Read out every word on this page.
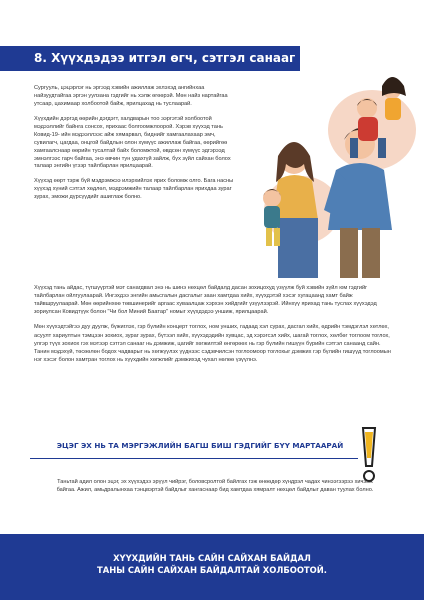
8. Хүүхдэдээ итгэл өгч, сэтгэл санааг нь хуваалцах

Сургууль, цэцэрлэг нь эргээд хэвийн ажиллаж эхлэхэд ангийнхаа найзуудтайгаа эргэн уулзана гэдгийг нь хэлж өгөөрэй. Мөн найз нартайгаа утсаар, цахимаар холбоотой байж, ярилцахад нь туслаарай.

Хүүхдийн дэргэд өөрийн дэгдэгт, халдварын тоо ээргэтэй холбоотой мэдээллийг байнга сонсох, ярихаас болгоомжлоорой. Хэрэв хүүхэд тань Ковид-19- ийн мэдээллээс айж хямарвал, биднийг хамгаалахаар эмч, сувилагч, цагдаа, онцгой байдлын олон хүмүүс ажиллаж байгаа, өөрийгөө хамгаалснаар өөрийн тусалтай байх боломжтой, өвдсөн хүмүүс эдгэрээд эмнэлгээс гарч байгаа, энэ өвчин тун удахгүй зайлж, бүх зүйл сайхан болох талаар энгийн үгээр тайлбарлан ярилцаарай.

Хүүхэд өөрт тэрж бүй мэдрэмжээ илэрхийлэх ярих боломж олго. Бага насны хүүхэд хүний сэтгэл хөдлөл, мэдрэмжийн талаар тайлбарлан ярихдаа зураг зурах, эможи дүрсүүдийг ашиглаж болно.

Хүүхэд тань айдас, түгшүүртэй мэт санагдвал энэ нь шинэ нөхцөл байдалд дасан зохицохуд үзүүлж буй хэвийн зүйл юм гэдгийг тайлбарлан ойлгуулаарай. Ингэхдээ энгийн амьсгалын дасгалыг заан хамтдаа хийх, хүүхдэтэй хэсэг хугацаанд хамт байж тайвшруулаарай. Мөн өөрийнхөө төвшинерийг аргаас хуваалцаж хэрхэн хийдгийг үзүүлээрэй. Ийнхүү ярихад тань туслах хүүхэдэд зориулсан Ковидтүүк болон "Чи бол Миний Баатар" номыг хүүхдэдээ уншиж, ярилцаарай.

Мөн хүүхэдтэйгээ дуу дуулж, бүжиглэх, гэр бүлийн концерт тоглох, ном унших, гадаад хэл сурах, дасгал хийх, өдрийн тэмдэглэл хөтлөх, асуулт хариултын тэмцээн зохиох, зураг зурах, бүтээл хийх, хүүхэдэдийн хувцас, эд хэрэгсэл хийх, шагай тоглох, хөлбөг тоглоом тоглох, улгэр түүх зохиох гэх мэтээр сэтгэл санааг нь дэмжиж, цагийг хөгжилтэй өнгөрөөх нь гэр бүлийн гишүүн бүрийн сэтгэл санаанд сайн. Танин мэдэхүй, төсөөлөн бодох чадварыг нь хөгжүүлэх үүднээс сэдэвчилсэн тоглоомоор тоглохыг дэмжих гэр бүлийн гишүүд тоглоомын нэг хэсэг болон хамтран тоглох нь хүүхдийн хөгжлийг дэмжихэд чухал нөлөө үзүүлнэ.

ЭЦЭГ ЭХ НЬ ТА МЭРГЭЖЛИЙН БАГШ БИШ ГЭДГИЙГ БҮҮ МАРТААРАЙ
Таньтай адил олон эцэг, эх хүүхэдээ эрүүл чийрэг, боловсролтой байлгах гэж өнөөдөр хүндрэл чадах чинээгээрээ хичээж байгаа. Ажил, амьдралынхаа тэнцвэртэй байдлыг хангаснаар бид хамтдаа хямралт нөхцөл байдлыг даван туулах болно.
ХҮҮХДИЙН ТАНЬ САЙН САЙХАН БАЙДАЛ
ТАНЫ САЙН САЙХАН БАЙДАЛТАЙ ХОЛБООТОЙ.
